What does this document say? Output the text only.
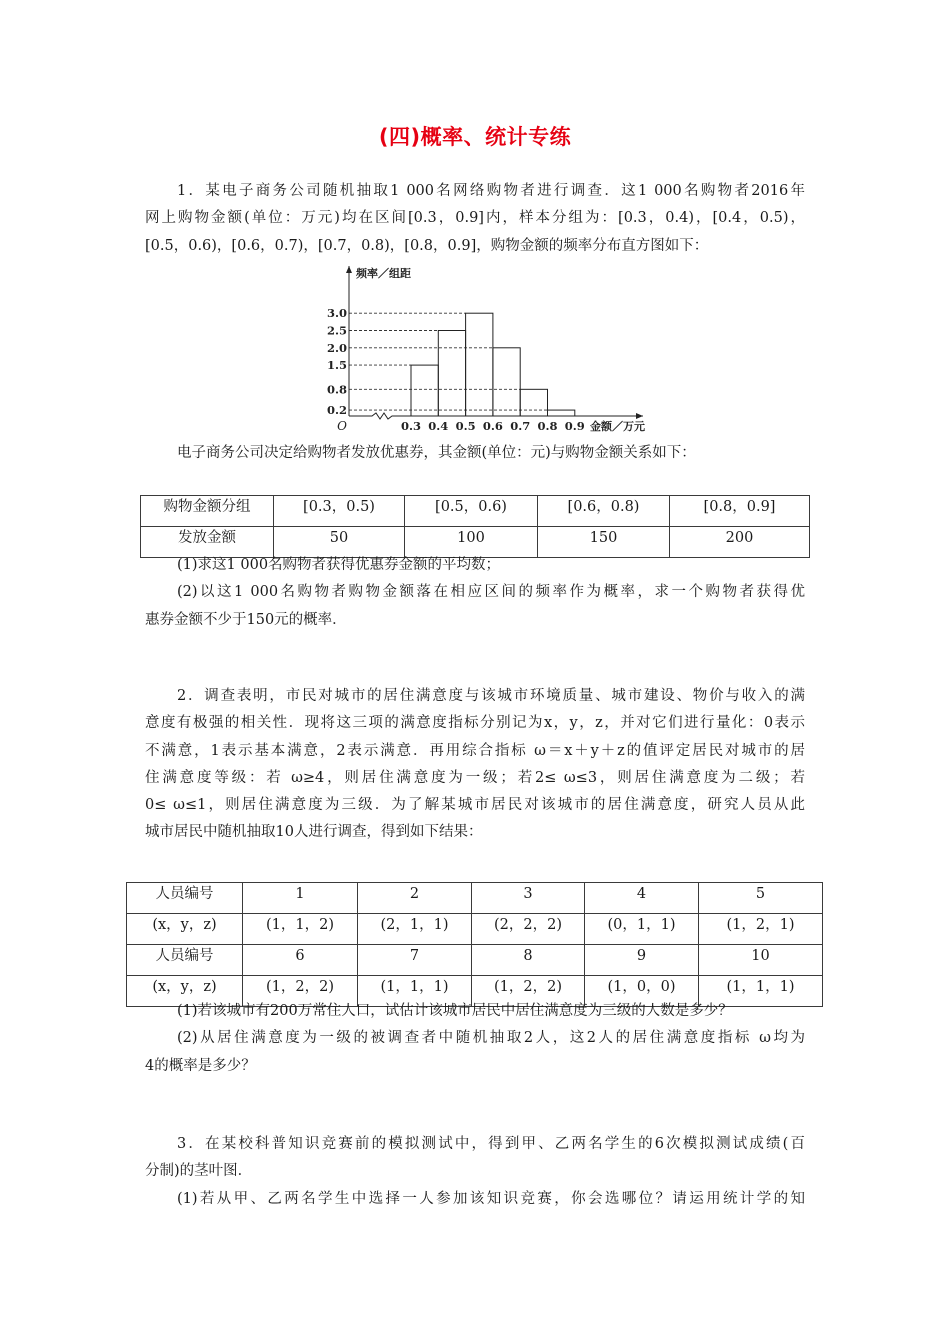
(四)概率、统计专练
1．某电子商务公司随机抽取1 000名网络购物者进行调查．这1 000名购物者2016年
网上购物金额(单位：万元)均在区间[0.3，0.9]内，样本分组为：[0.3，0.4)，[0.4，0.5)，
[0.5，0.6)，[0.6，0.7)，[0.7，0.8)，[0.8，0.9]，购物金额的频率分布直方图如下：
0.2
0.8
1.5
2.0
2.5
3.0
0.3 0.4 0.5 0.6 0.7 0.8 0.9
O
频率／组距
金额／万元
电子商务公司决定给购物者发放优惠券，其金额(单位：元)与购物金额关系如下：
购物金额分组	[0.3，0.5)	[0.5，0.6)	[0.6，0.8)	[0.8，0.9]
发放金额	50	100	150	200
(1)求这1 000名购物者获得优惠券金额的平均数；
(2)以这1 000名购物者购物金额落在相应区间的频率作为概率，求一个购物者获得优
惠券金额不少于150元的概率．
2．调查表明，市民对城市的居住满意度与该城市环境质量、城市建设、物价与收入的满
意度有极强的相关性．现将这三项的满意度指标分别记为x，y，z，并对它们进行量化：0表示
不满意，1表示基本满意，2表示满意．再用综合指标 ω＝x＋y＋z的值评定居民对城市的居
住满意度等级：若 ω≥4，则居住满意度为一级；若2≤ ω≤3，则居住满意度为二级；若
0≤ ω≤1，则居住满意度为三级．为了解某城市居民对该城市的居住满意度，研究人员从此
城市居民中随机抽取10人进行调查，得到如下结果：
人员编号	1	2	3	4	5
(x，y，z)	(1，1，2)	(2，1，1)	(2，2，2)	(0，1，1)	(1，2，1)
人员编号	6	7	8	9	10
(x，y，z)	(1，2，2)	(1，1，1)	(1，2，2)	(1，0，0)	(1，1，1)
(1)若该城市有200万常住人口，试估计该城市居民中居住满意度为三级的人数是多少？
(2)从居住满意度为一级的被调查者中随机抽取2人，这2人的居住满意度指标 ω均为
4的概率是多少？
3．在某校科普知识竞赛前的模拟测试中，得到甲、乙两名学生的6次模拟测试成绩(百
分制)的茎叶图．
(1)若从甲、乙两名学生中选择一人参加该知识竞赛，你会选哪位？请运用统计学的知
